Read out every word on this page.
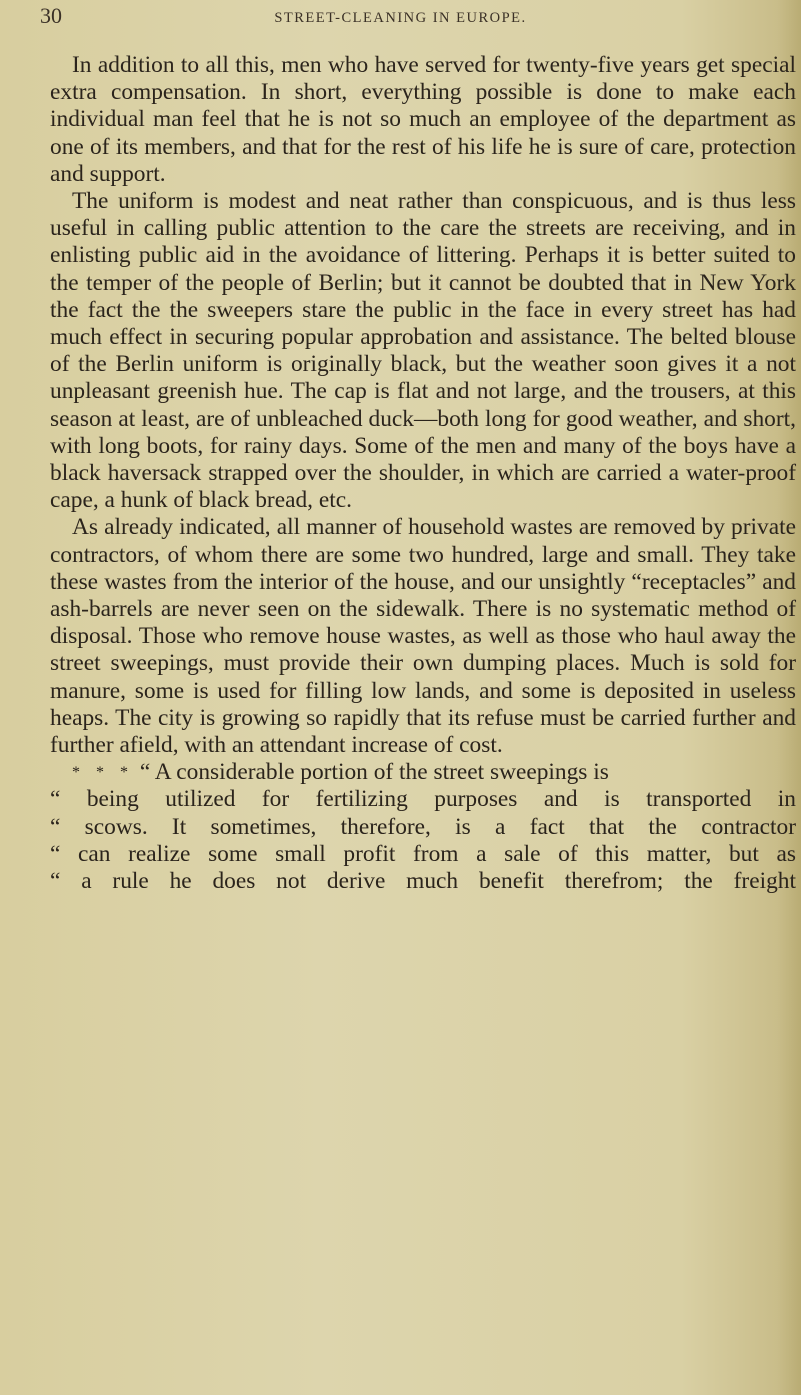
30	STREET-CLEANING IN EUROPE.

In addition to all this, men who have served for twenty-five years get special extra compensation. In short, everything possible is done to make each individual man feel that he is not so much an employee of the department as one of its members, and that for the rest of his life he is sure of care, protection and support.

The uniform is modest and neat rather than conspicuous, and is thus less useful in calling public attention to the care the streets are receiving, and in enlisting public aid in the avoidance of littering. Perhaps it is better suited to the temper of the people of Berlin; but it cannot be doubted that in New York the fact the the sweepers stare the public in the face in every street has had much effect in securing popular approbation and assistance. The belted blouse of the Berlin uniform is originally black, but the weather soon gives it a not unpleasant greenish hue. The cap is flat and not large, and the trousers, at this season at least, are of unbleached duck—both long for good weather, and short, with long boots, for rainy days. Some of the men and many of the boys have a black haversack strapped over the shoulder, in which are carried a water-proof cape, a hunk of black bread, etc.

As already indicated, all manner of household wastes are removed by private contractors, of whom there are some two hundred, large and small. They take these wastes from the interior of the house, and our unsightly “receptacles” and ash-barrels are never seen on the sidewalk. There is no systematic method of disposal. Those who remove house wastes, as well as those who haul away the street sweepings, must provide their own dumping places. Much is sold for manure, some is used for filling low lands, and some is deposited in useless heaps. The city is growing so rapidly that its refuse must be carried further and further afield, with an attendant increase of cost.

* * * “ A considerable portion of the street sweepings is

“ being utilized for fertilizing purposes and is transported in
“ scows. It sometimes, therefore, is a fact that the contractor
“ can realize some small profit from a sale of this matter, but as
“ a rule he does not derive much benefit therefrom; the freight
